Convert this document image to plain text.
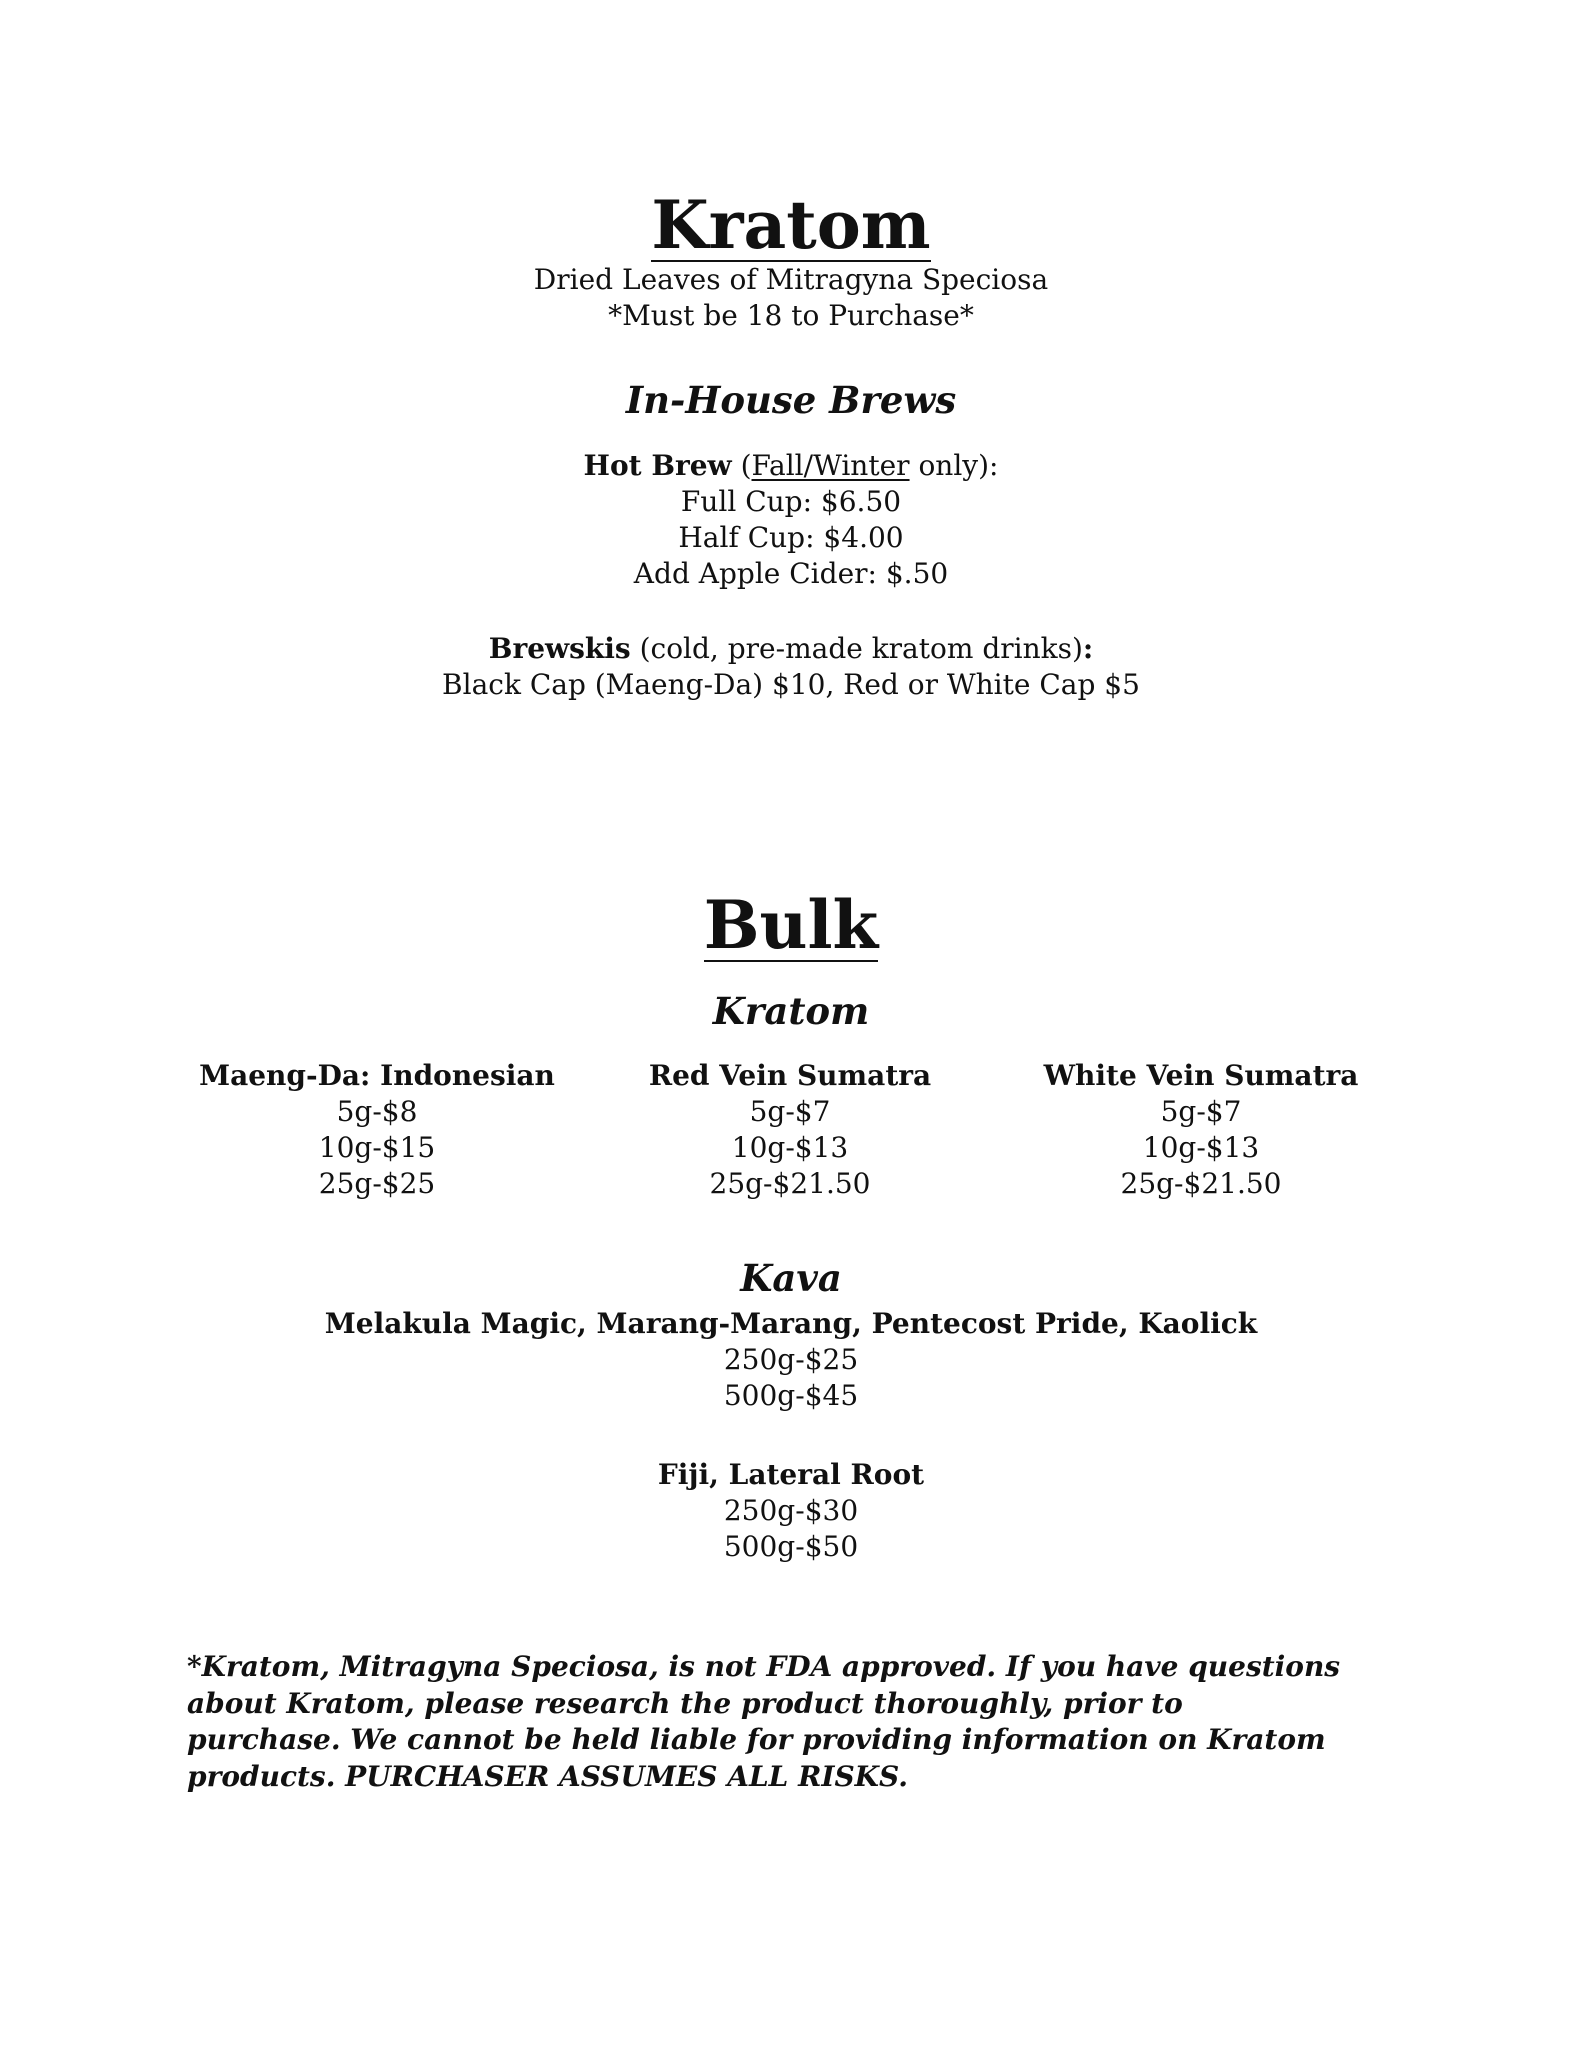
Kratom

Dried Leaves of Mitragyna Speciosa

*Must be 18 to Purchase*

In-House Brews

Hot Brew (Fall/Winter only):

Full Cup: $6.50

Half Cup: $4.00

Add Apple Cider: $.50

Brewskis (cold, pre-made kratom drinks):

Black Cap (Maeng-Da) $10, Red or White Cap $5

Bulk

Kratom

Maeng-Da: Indonesian

5g-$8

10g-$15

25g-$25

Red Vein Sumatra

5g-$7

10g-$13

25g-$21.50

White Vein Sumatra

5g-$7

10g-$13

25g-$21.50

Kava

Melakula Magic, Marang-Marang, Pentecost Pride, Kaolick

250g-$25

500g-$45

Fiji, Lateral Root

250g-$30

500g-$50

*Kratom, Mitragyna Speciosa, is not FDA approved. If you have questions
about Kratom, please research the product thoroughly, prior to
purchase. We cannot be held liable for providing information on Kratom
products. PURCHASER ASSUMES ALL RISKS.
